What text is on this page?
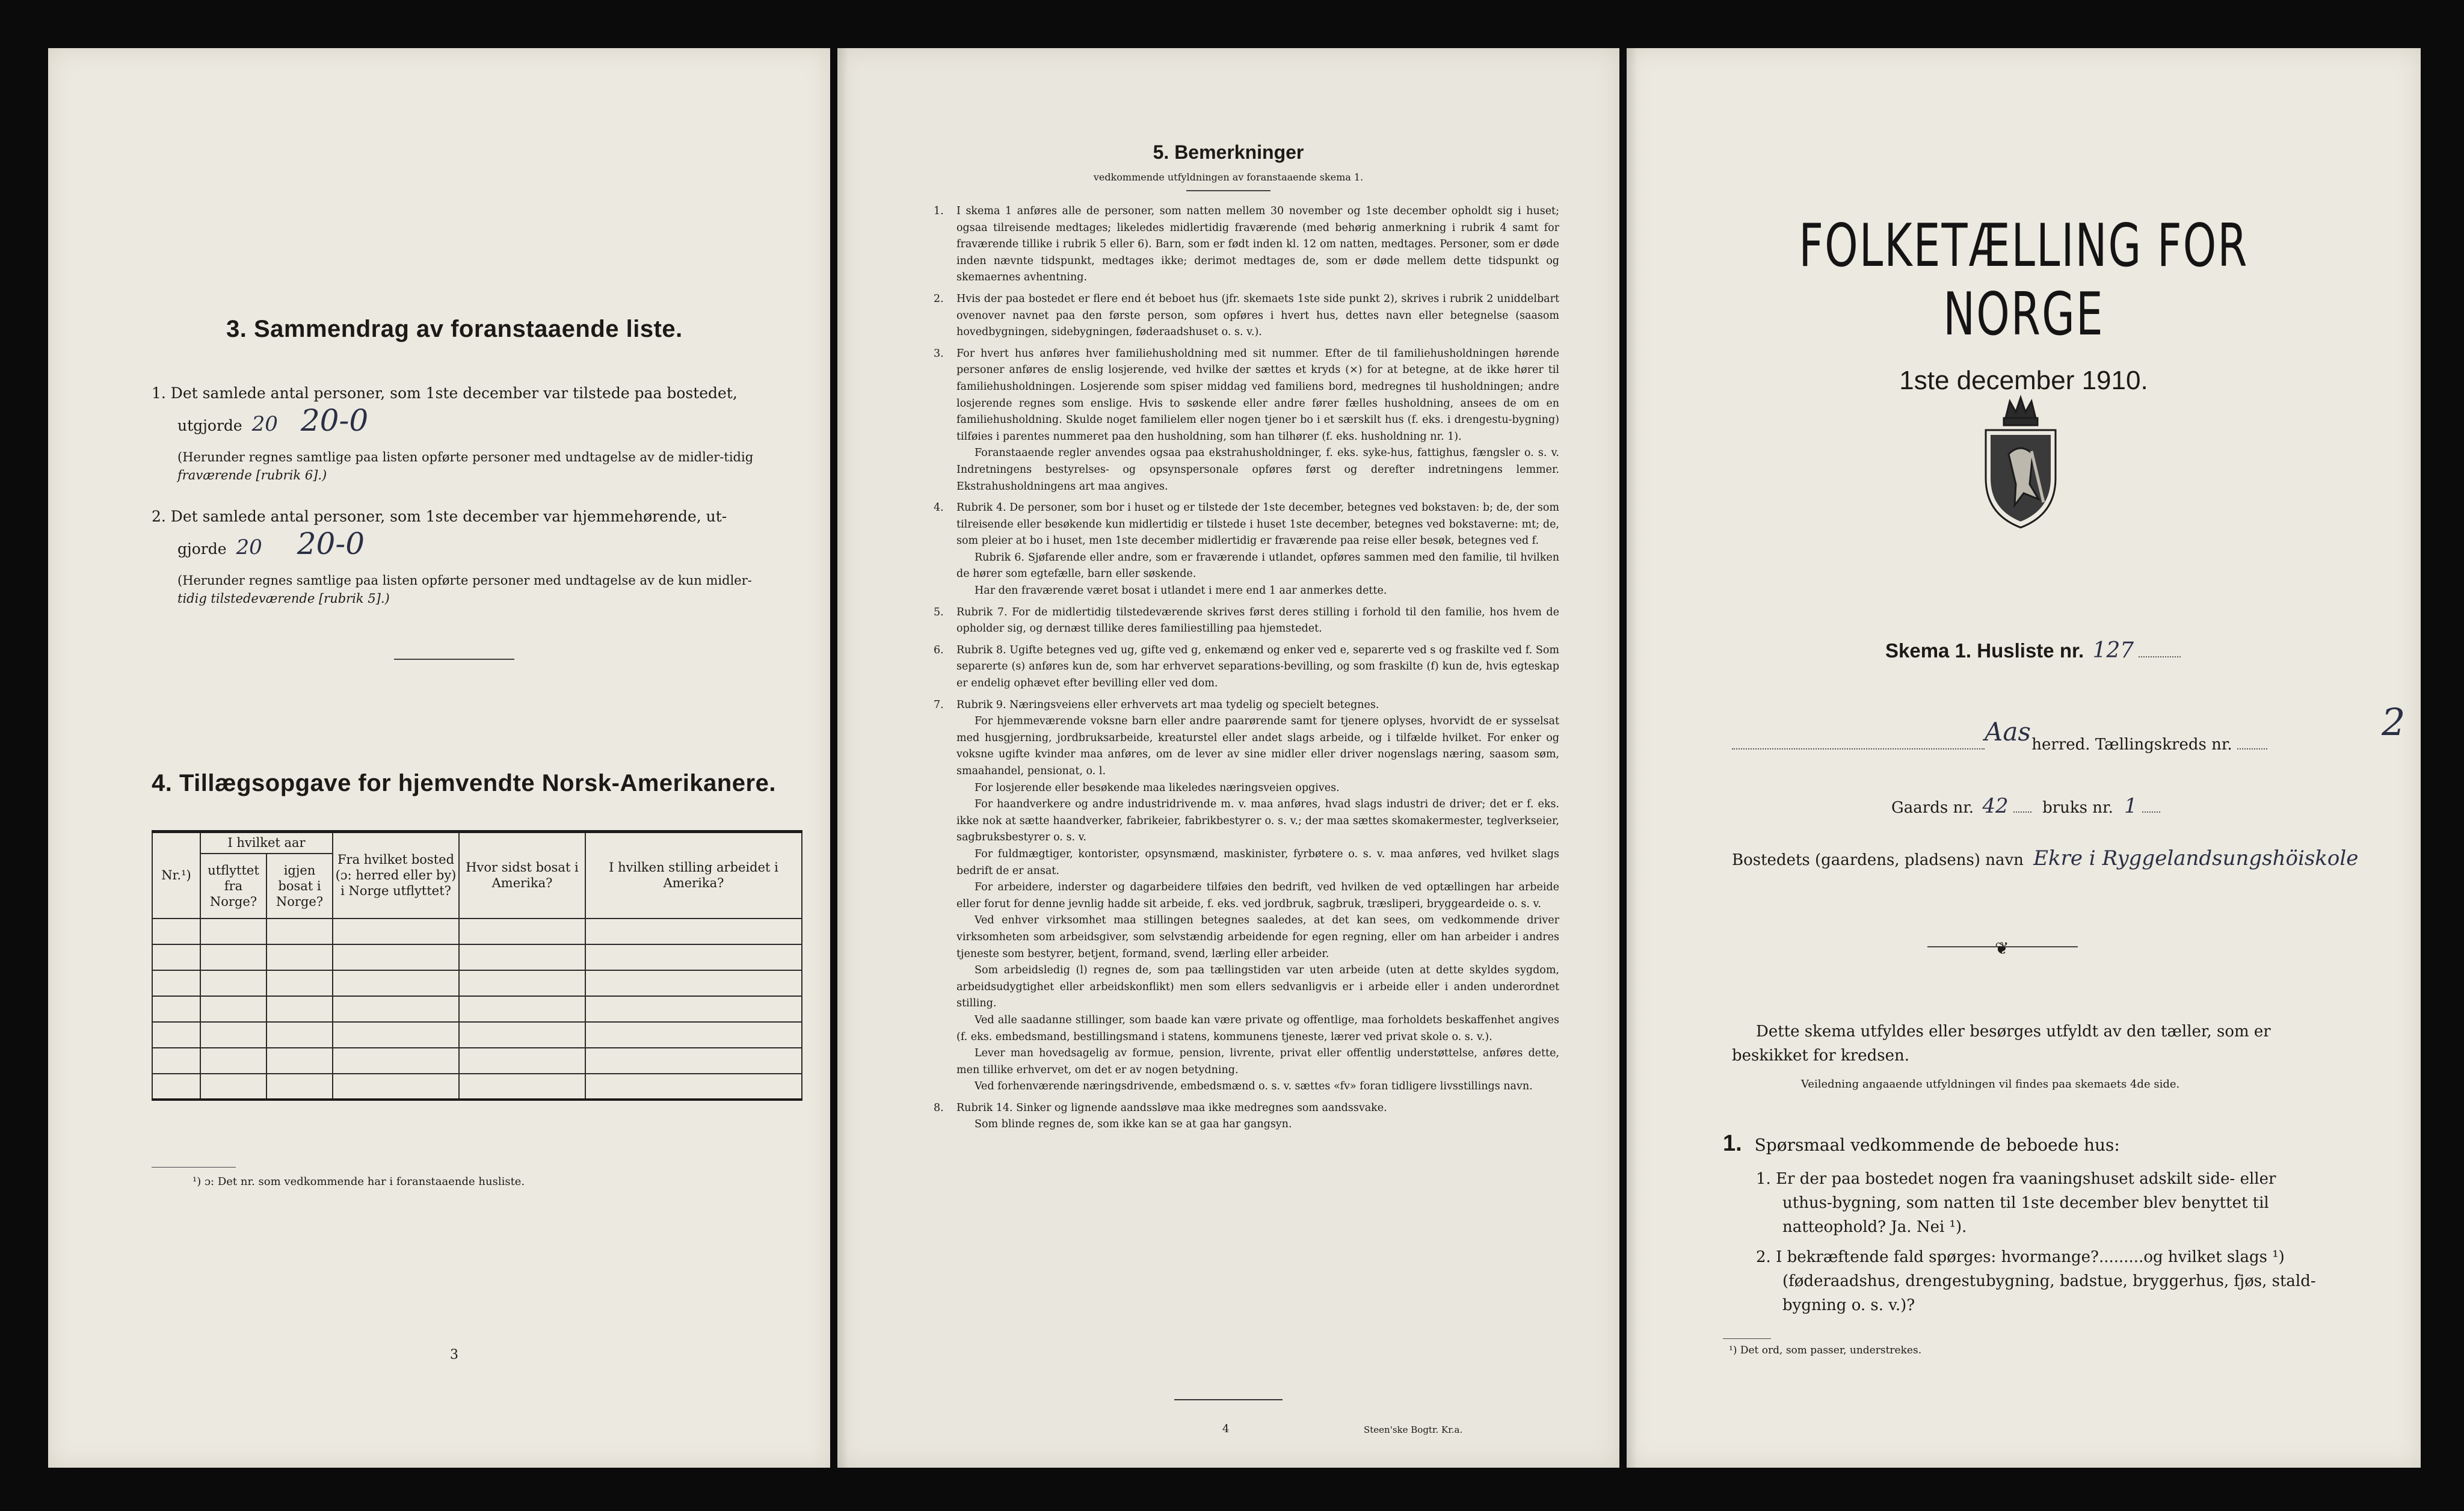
3. Sammendrag av foranstaaende liste.
1. Det samlede antal personer, som 1ste december var tilstede paa bostedet,
utgjorde 20 20-0
(Herunder regnes samtlige paa listen opførte personer med undtagelse av de midler-tidig
fraværende [rubrik 6].)
2. Det samlede antal personer, som 1ste december var hjemmehørende, ut-
gjorde 20 20-0
(Herunder regnes samtlige paa listen opførte personer med undtagelse av de kun midler-
tidig tilstedeværende [rubrik 5].)
4. Tillægsopgave for hjemvendte Norsk-Amerikanere.
Nr.¹)	I hvilket aar		Fra hvilket bosted (ɔ: herred eller by) i Norge utflyttet?	Hvor sidst bosat i Amerika?	I hvilken stilling arbeidet i Amerika?
	utflyttet fra Norge?	igjen bosat i Norge?			

¹) ɔ: Det nr. som vedkommende har i foranstaaende husliste.
3
5. Bemerkninger
vedkommende utfyldningen av foranstaaende skema 1.
1. I skema 1 anføres alle de personer, som natten mellem 30 november og 1ste december opholdt sig i huset; ogsaa tilreisende medtages; likeledes midlertidig fraværende (med behørig anmerkning i rubrik 4 samt for fraværende tillike i rubrik 5 eller 6). Barn, som er født inden kl. 12 om natten, medtages. Personer, som er døde inden nævnte tidspunkt, medtages ikke; derimot medtages de, som er døde mellem dette tidspunkt og skemaernes avhentning.
2. Hvis der paa bostedet er flere end ét beboet hus (jfr. skemaets 1ste side punkt 2), skrives i rubrik 2 uniddelbart ovenover navnet paa den første person, som opføres i hvert hus, dettes navn eller betegnelse (saasom hovedbygningen, sidebygningen, føderaadshuset o. s. v.).
3. For hvert hus anføres hver familiehusholdning med sit nummer. Efter de til familiehusholdningen hørende personer anføres de enslig losjerende, ved hvilke der sættes et kryds (×) for at betegne, at de ikke hører til familiehusholdningen. Losjerende som spiser middag ved familiens bord, medregnes til husholdningen; andre losjerende regnes som enslige. Hvis to søskende eller andre fører fælles husholdning, ansees de om en familiehusholdning. Skulde noget familielem eller nogen tjener bo i et særskilt hus (f. eks. i drengestu-bygning) tilføies i parentes nummeret paa den husholdning, som han tilhører (f. eks. husholdning nr. 1).
Foranstaaende regler anvendes ogsaa paa ekstrahusholdninger, f. eks. syke-hus, fattighus, fængsler o. s. v. Indretningens bestyrelses- og opsynspersonale opføres først og derefter indretningens lemmer. Ekstrahusholdningens art maa angives.
4. Rubrik 4. De personer, som bor i huset og er tilstede der 1ste december, betegnes ved bokstaven: b; de, der som tilreisende eller besøkende kun midlertidig er tilstede i huset 1ste december, betegnes ved bokstaverne: mt; de, som pleier at bo i huset, men 1ste december midlertidig er fraværende paa reise eller besøk, betegnes ved f.
Rubrik 6. Sjøfarende eller andre, som er fraværende i utlandet, opføres sammen med den familie, til hvilken de hører som egtefælle, barn eller søskende.
Har den fraværende været bosat i utlandet i mere end 1 aar anmerkes dette.
5. Rubrik 7. For de midlertidig tilstedeværende skrives først deres stilling i forhold til den familie, hos hvem de opholder sig, og dernæst tillike deres familiestilling paa hjemstedet.
6. Rubrik 8. Ugifte betegnes ved ug, gifte ved g, enkemænd og enker ved e, separerte ved s og fraskilte ved f. Som separerte (s) anføres kun de, som har erhvervet separations-bevilling, og som fraskilte (f) kun de, hvis egteskap er endelig ophævet efter bevilling eller ved dom.
7. Rubrik 9. Næringsveiens eller erhvervets art maa tydelig og specielt betegnes.
For hjemmeværende voksne barn eller andre paarørende samt for tjenere oplyses, hvorvidt de er sysselsat med husgjerning, jordbruksarbeide, kreaturstel eller andet slags arbeide, og i tilfælde hvilket. For enker og voksne ugifte kvinder maa anføres, om de lever av sine midler eller driver nogenslags næring, saasom søm, smaahandel, pensionat, o. l.
For losjerende eller besøkende maa likeledes næringsveien opgives.
For haandverkere og andre industridrivende m. v. maa anføres, hvad slags industri de driver; det er f. eks. ikke nok at sætte haandverker, fabrikeier, fabrikbestyrer o. s. v.; der maa sættes skomakermester, teglverkseier, sagbruksbestyrer o. s. v.
For fuldmægtiger, kontorister, opsynsmænd, maskinister, fyrbøtere o. s. v. maa anføres, ved hvilket slags bedrift de er ansat.
For arbeidere, inderster og dagarbeidere tilføies den bedrift, ved hvilken de ved optællingen har arbeide eller forut for denne jevnlig hadde sit arbeide, f. eks. ved jordbruk, sagbruk, træsliperi, bryggeardeide o. s. v.
Ved enhver virksomhet maa stillingen betegnes saaledes, at det kan sees, om vedkommende driver virksomheten som arbeidsgiver, som selvstændig arbeidende for egen regning, eller om han arbeider i andres tjeneste som bestyrer, betjent, formand, svend, lærling eller arbeider.
Som arbeidsledig (l) regnes de, som paa tællingstiden var uten arbeide (uten at dette skyldes sygdom, arbeidsudygtighet eller arbeidskonflikt) men som ellers sedvanligvis er i arbeide eller i anden underordnet stilling.
Ved alle saadanne stillinger, som baade kan være private og offentlige, maa forholdets beskaffenhet angives (f. eks. embedsmand, bestillingsmand i statens, kommunens tjeneste, lærer ved privat skole o. s. v.).
Lever man hovedsagelig av formue, pension, livrente, privat eller offentlig understøttelse, anføres dette, men tillike erhvervet, om det er av nogen betydning.
Ved forhenværende næringsdrivende, embedsmænd o. s. v. sættes «fv» foran tidligere livsstillings navn.
8. Rubrik 14. Sinker og lignende aandssløve maa ikke medregnes som aandssvake.
Som blinde regnes de, som ikke kan se at gaa har gangsyn.
4	Steen'ske Bogtr. Kr.a.
FOLKETÆLLING FOR NORGE
1ste december 1910.
Skema 1. Husliste nr. 127

Aas herred. Tællingskreds nr.
2
Gaards nr. 42 bruks nr. 1
Bostedets (gaardens, pladsens) navn Ekre i Ryggelandsungshöiskole
❦
Dette skema utfyldes eller besørges utfyldt av den tæller, som er
beskikket for kredsen.
Veiledning angaaende utfyldningen vil findes paa skemaets 4de side.
1. Spørsmaal vedkommende de beboede hus:
1. Er der paa bostedet nogen fra vaaningshuset adskilt side- eller
uthus-bygning, som natten til 1ste december blev benyttet til
natteophold? Ja. Nei ¹).
2. I bekræftende fald spørges: hvormange?.........og hvilket slags ¹)
(føderaadshus, drengestubygning, badstue, bryggerhus, fjøs, stald-
bygning o. s. v.)?
¹) Det ord, som passer, understrekes.
